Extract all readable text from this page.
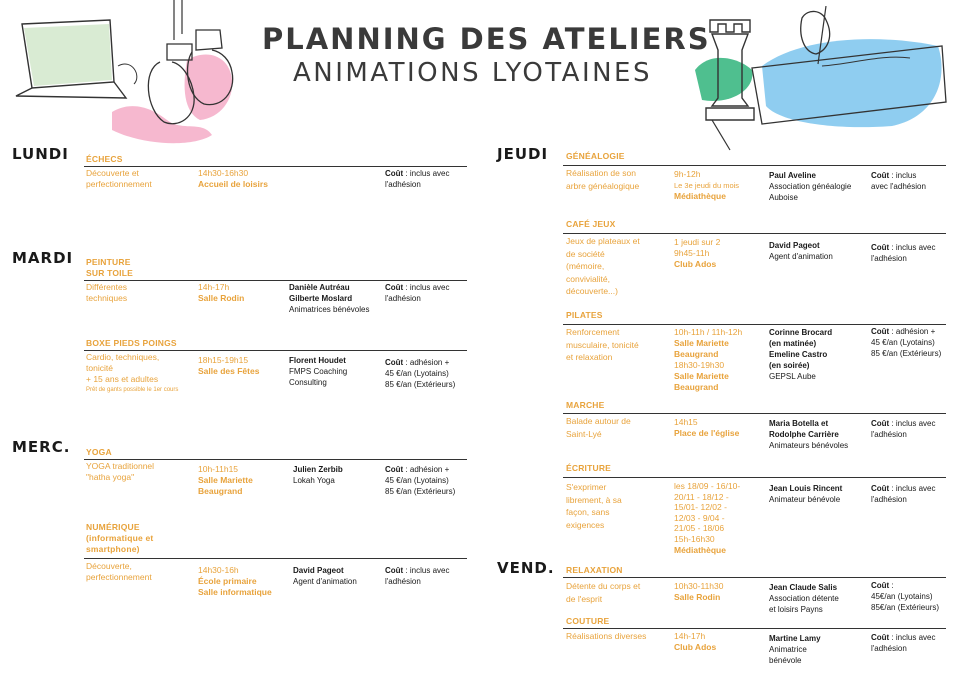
PLANNING DES ATELIERS
ANIMATIONS LYOTAINES
LUNDI
MARDI
MERC.
JEUDI
VEND.
ÉCHECS
Découverte et
perfectionnement
14h30-16h30
Accueil de loisirs
Coût : inclus avec
l'adhésion
PEINTURE
SUR TOILE
Différentes
techniques
14h-17h
Salle Rodin
Danièle Autréau
Gilberte Moslard
Animatrices bénévoles
Coût : inclus avec
l'adhésion
BOXE PIEDS POINGS
Cardio, techniques,
tonicité
+ 15 ans et adultes
Prêt de gants possible le 1er cours
18h15-19h15
Salle des Fêtes
Florent Houdet
FMPS Coaching
Consulting
Coût : adhésion +
45 €/an (Lyotains)
85 €/an (Extérieurs)
YOGA
YOGA traditionnel
"hatha yoga"
10h-11h15
Salle Mariette
Beaugrand
Julien Zerbib
Lokah Yoga
Coût : adhésion +
45 €/an (Lyotains)
85 €/an (Extérieurs)
NUMÉRIQUE
(informatique et
smartphone)
Découverte,
perfectionnement
14h30-16h
École primaire
Salle informatique
David Pageot
Agent d'animation
Coût : inclus avec
l'adhésion
GÉNÉALOGIE
Réalisation de son
arbre généalogique
9h-12h
Le 3e jeudi du mois
Médiathèque
Paul Aveline
Association généalogie
Auboise
Coût : inclus
avec l'adhésion
CAFÉ JEUX
Jeux de plateaux et
de société
(mémoire,
convivialité,
découverte...)
1 jeudi sur 2
9h45-11h
Club Ados
David Pageot
Agent d'animation
Coût : inclus avec
l'adhésion
PILATES
Renforcement
musculaire, tonicité
et relaxation
10h-11h / 11h-12h
Salle Mariette
Beaugrand
18h30-19h30
Salle Mariette
Beaugrand
Corinne Brocard
(en matinée)
Emeline Castro
(en soirée)
GEPSL Aube
Coût : adhésion +
45 €/an (Lyotains)
85 €/an (Extérieurs)
MARCHE
Balade autour de
Saint-Lyé
14h15
Place de l'église
Maria Botella et
Rodolphe Carrière
Animateurs bénévoles
Coût : inclus avec
l'adhésion
ÉCRITURE
S'exprimer
librement, à sa
façon, sans
exigences
les 18/09 - 16/10-
20/11 - 18/12 -
15/01- 12/02 -
12/03 - 9/04 -
21/05 - 18/06
15h-16h30
Médiathèque
Jean Louis Rincent
Animateur bénévole
Coût : inclus avec
l'adhésion
RELAXATION
Détente du corps et
de l'esprit
10h30-11h30
Salle Rodin
Jean Claude Salis
Association détente
et loisirs Payns
Coût :
45€/an (Lyotains)
85€/an (Extérieurs)
COUTURE
Réalisations diverses	14h-17h
Club Ados
Martine Lamy
Animatrice
bénévole
Coût : inclus avec
l'adhésion
